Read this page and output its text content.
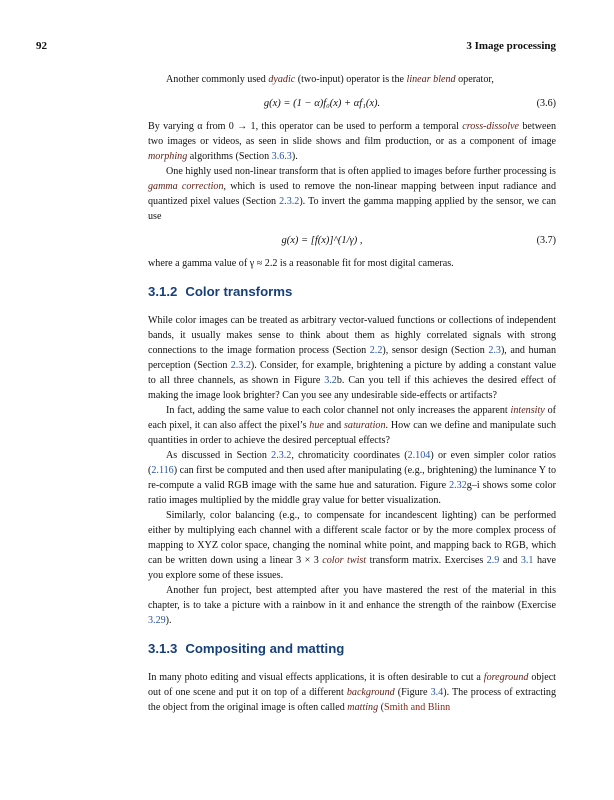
92	3 Image processing

Another commonly used dyadic (two-input) operator is the linear blend operator,

g(x) = (1 − α)f₀(x) + αf₁(x).	(3.6)

By varying α from 0 → 1, this operator can be used to perform a temporal cross-dissolve between two images or videos, as seen in slide shows and film production, or as a component of image morphing algorithms (Section 3.6.3).

One highly used non-linear transform that is often applied to images before further processing is gamma correction, which is used to remove the non-linear mapping between input radiance and quantized pixel values (Section 2.3.2). To invert the gamma mapping applied by the sensor, we can use

g(x) = [f(x)]^(1/γ) ,	(3.7)

where a gamma value of γ ≈ 2.2 is a reasonable fit for most digital cameras.

3.1.2 Color transforms

While color images can be treated as arbitrary vector-valued functions or collections of independent bands, it usually makes sense to think about them as highly correlated signals with strong connections to the image formation process (Section 2.2), sensor design (Section 2.3), and human perception (Section 2.3.2). Consider, for example, brightening a picture by adding a constant value to all three channels, as shown in Figure 3.2b. Can you tell if this achieves the desired effect of making the image look brighter? Can you see any undesirable side-effects or artifacts?

In fact, adding the same value to each color channel not only increases the apparent intensity of each pixel, it can also affect the pixel’s hue and saturation. How can we define and manipulate such quantities in order to achieve the desired perceptual effects?

As discussed in Section 2.3.2, chromaticity coordinates (2.104) or even simpler color ratios (2.116) can first be computed and then used after manipulating (e.g., brightening) the luminance Y to re-compute a valid RGB image with the same hue and saturation. Figure 2.32g–i shows some color ratio images multiplied by the middle gray value for better visualization.

Similarly, color balancing (e.g., to compensate for incandescent lighting) can be performed either by multiplying each channel with a different scale factor or by the more complex process of mapping to XYZ color space, changing the nominal white point, and mapping back to RGB, which can be written down using a linear 3 × 3 color twist transform matrix. Exercises 2.9 and 3.1 have you explore some of these issues.

Another fun project, best attempted after you have mastered the rest of the material in this chapter, is to take a picture with a rainbow in it and enhance the strength of the rainbow (Exercise 3.29).

3.1.3 Compositing and matting

In many photo editing and visual effects applications, it is often desirable to cut a foreground object out of one scene and put it on top of a different background (Figure 3.4). The process of extracting the object from the original image is often called matting (Smith and Blinn
